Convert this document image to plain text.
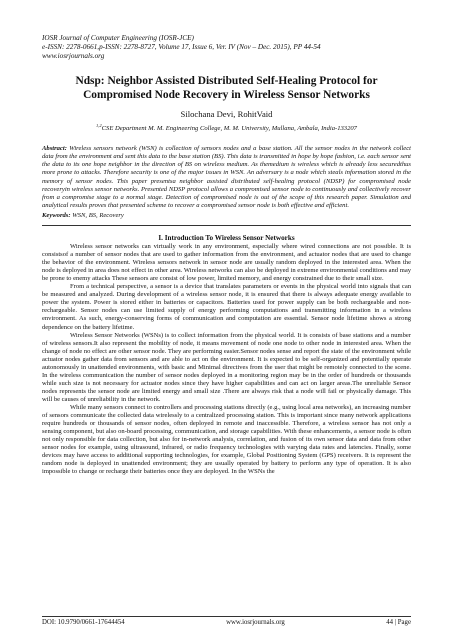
IOSR Journal of Computer Engineering (IOSR-JCE)
e-ISSN: 2278-0661,p-ISSN: 2278-8727, Volume 17, Issue 6, Ver. IV (Nov – Dec. 2015), PP 44-54
www.iosrjournals.org
Ndsp: Neighbor Assisted Distributed Self-Healing Protocol for Compromised Node Recovery in Wireless Sensor Networks
Silochana Devi, RohitVaid
$^{1,2}$CSE Department M. M. Engineering College, M. M. University, Mullana, Ambala, India-133207
Abstract: Wireless sensors network (WSN) is collection of sensors nodes and a base station. All the sensor nodes in the network collect data from the environment and sent this data to the base station (BS). This data is transmitted in hope by hope fashion, i.e. each sensor sent the data to its one hope neighbor in the direction of BS on wireless medium. As themedium is wireless which is already less securedthus more prone to attacks. Therefore security is one of the major issues in WSN. An adversary is a node which steals information stored in the memory of sensor nodes. This paper presentsa neighbor assisted distributed self-healing protocol (NDSP) for compromised node recoveryin wireless sensor networks. Presented NDSP protocol allows a compromised sensor node to continuously and collectively recover from a compromise stage to a normal stage. Detection of compromised node is out of the scope of this research paper. Simulation and analytical results proves that presented scheme to recover a compromised sensor node is both effective and efficient.
Keywords: WSN, BS, Recovery
I. Introduction To Wireless Sensor Networks

Wireless sensor networks can virtually work in any environment, especially where wired connections are not possible. It is consistsof a number of sensor nodes that are used to gather information from the environment, and actuator nodes that are used to change the behavior of the environment. Wireless sensors network in sensor node are usually random deployed in the interested area. When the node is deployed in area does not effect in other area. Wireless networks can also be deployed in extreme environmental conditions and may be prone to enemy attacks These sensors are consist of low power, limited memory, and energy constrained due to their small size.

From a technical perspective, a sensor is a device that translates parameters or events in the physical world into signals that can be measured and analyzed. During development of a wireless sensor node, it is ensured that there is always adequate energy available to power the system. Power is stored either in batteries or capacitors. Batteries used for power supply can be both rechargeable and non-rechargeable. Sensor nodes can use limited supply of energy performing computations and transmitting information in a wireless environment. As such, energy-conserving forms of communication and computation are essential. Sensor node lifetime shows a strong dependence on the battery lifetime.

Wireless Sensor Networks (WSNs) is to collect information from the physical world. It is consists of base stations and a number of wireless sensors.It also represent the mobility of node, it means movement of node one node to other node in interested area. When the change of node no effect are other sensor node. They are performing easier.Sensor nodes sense and report the state of the environment while actuator nodes gather data from sensors and are able to act on the environment. It is expected to be self-organized and potentially operate autonomously in unattended environments, with basic and Minimal directives from the user that might be remotely connected to the scene. In the wireless communication the number of sensor nodes deployed in a monitoring region may be in the order of hundreds or thousands while such size is not necessary for actuator nodes since they have higher capabilities and can act on larger areas.The unreliable Sensor nodes represents the sensor node are limited energy and small size .There are always risk that a node will fail or physically damage. This will be causes of unreliability in the network.

While many sensors connect to controllers and processing stations directly (e.g., using local area networks), an increasing number of sensors communicate the collected data wirelessly to a centralized processing station. This is important since many network applications require hundreds or thousands of sensor nodes, often deployed in remote and inaccessible. Therefore, a wireless sensor has not only a sensing component, but also on-board processing, communication, and storage capabilities. With these enhancements, a sensor node is often not only responsible for data collection, but also for in-network analysis, correlation, and fusion of its own sensor data and data from other sensor nodes for example, using ultrasound, infrared, or radio frequency technologies with varying data rates and latencies. Finally, some devices may have access to additional supporting technologies, for example, Global Positioning System (GPS) receivers. It is represent the random node is deployed in unattended environment; they are usually operated by battery to perform any type of operation. It is also impossible to change or recharge their batteries once they are deployed. In the WSNs the

DOI: 10.9790/0661-17644454	www.iosrjournals.org	44 | Page
